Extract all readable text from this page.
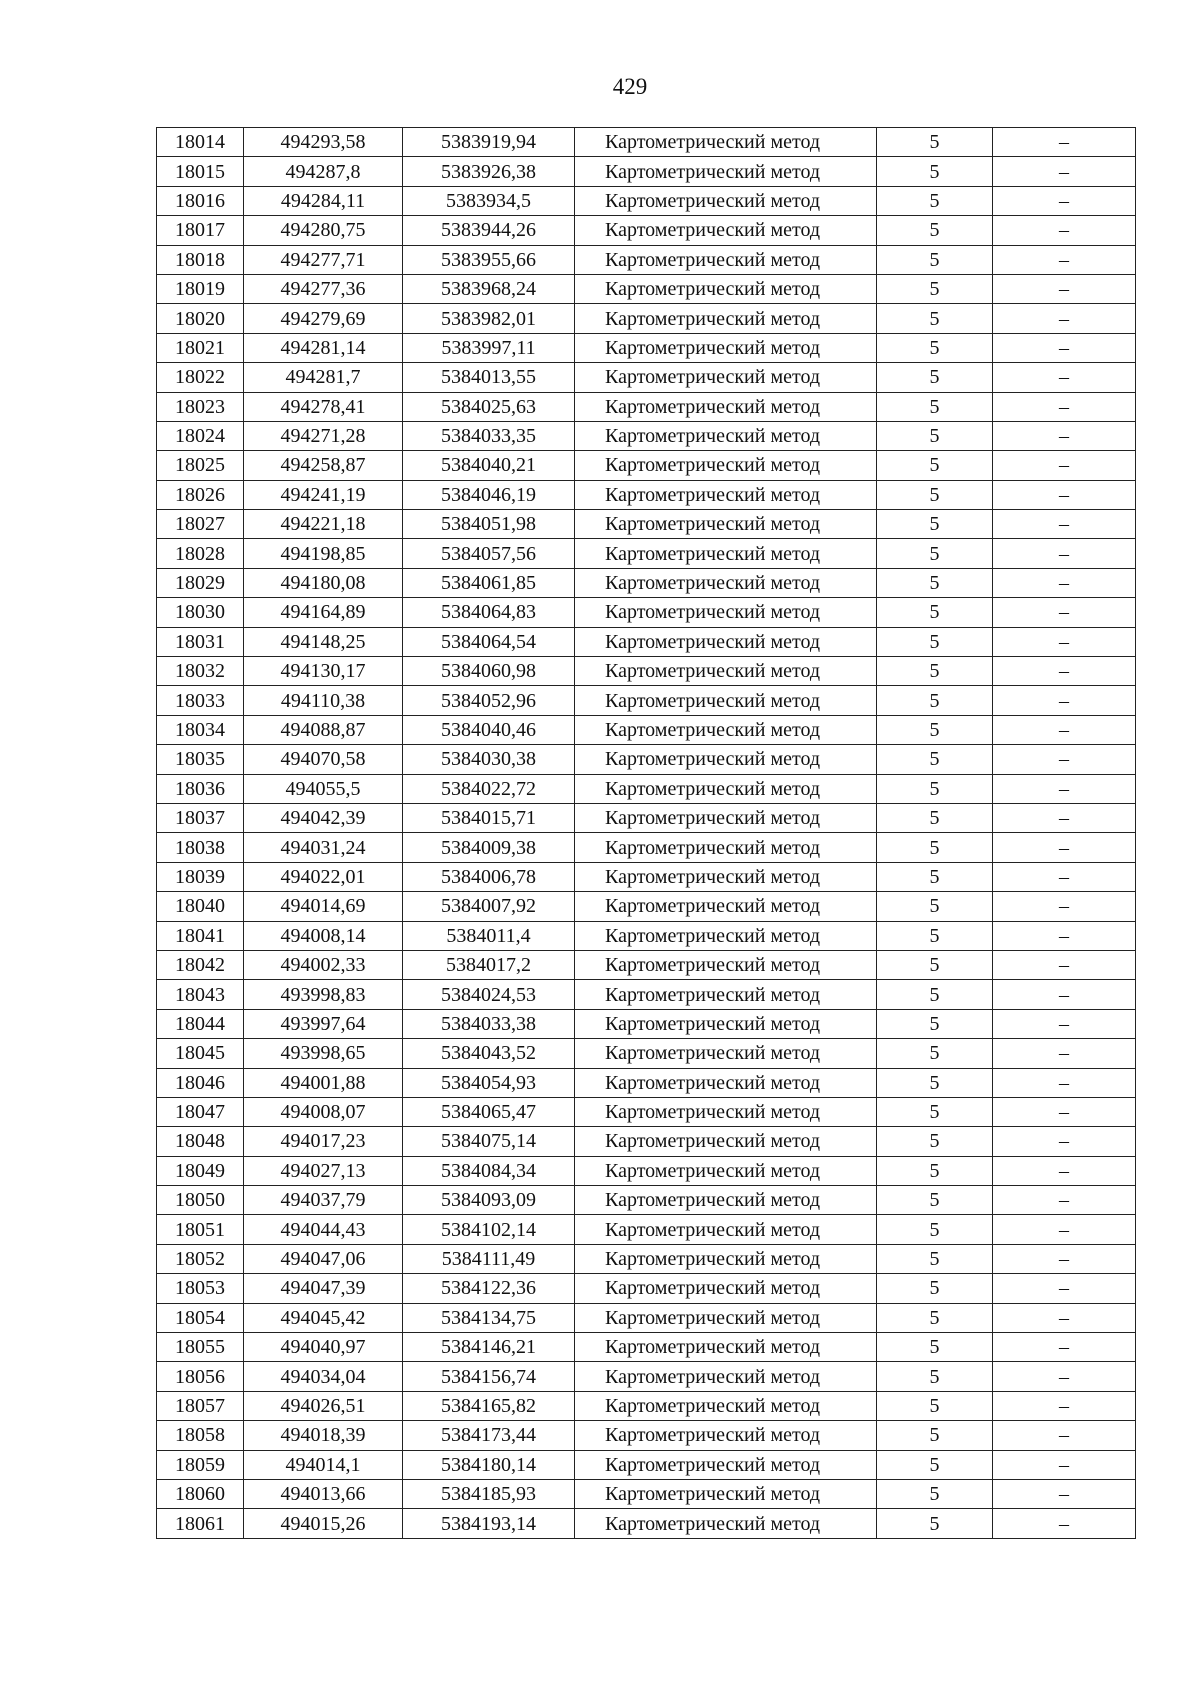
429
18014	494293,58	5383919,94	Картометрический метод	5	–
18015	494287,8	5383926,38	Картометрический метод	5	–
18016	494284,11	5383934,5	Картометрический метод	5	–
18017	494280,75	5383944,26	Картометрический метод	5	–
18018	494277,71	5383955,66	Картометрический метод	5	–
18019	494277,36	5383968,24	Картометрический метод	5	–
18020	494279,69	5383982,01	Картометрический метод	5	–
18021	494281,14	5383997,11	Картометрический метод	5	–
18022	494281,7	5384013,55	Картометрический метод	5	–
18023	494278,41	5384025,63	Картометрический метод	5	–
18024	494271,28	5384033,35	Картометрический метод	5	–
18025	494258,87	5384040,21	Картометрический метод	5	–
18026	494241,19	5384046,19	Картометрический метод	5	–
18027	494221,18	5384051,98	Картометрический метод	5	–
18028	494198,85	5384057,56	Картометрический метод	5	–
18029	494180,08	5384061,85	Картометрический метод	5	–
18030	494164,89	5384064,83	Картометрический метод	5	–
18031	494148,25	5384064,54	Картометрический метод	5	–
18032	494130,17	5384060,98	Картометрический метод	5	–
18033	494110,38	5384052,96	Картометрический метод	5	–
18034	494088,87	5384040,46	Картометрический метод	5	–
18035	494070,58	5384030,38	Картометрический метод	5	–
18036	494055,5	5384022,72	Картометрический метод	5	–
18037	494042,39	5384015,71	Картометрический метод	5	–
18038	494031,24	5384009,38	Картометрический метод	5	–
18039	494022,01	5384006,78	Картометрический метод	5	–
18040	494014,69	5384007,92	Картометрический метод	5	–
18041	494008,14	5384011,4	Картометрический метод	5	–
18042	494002,33	5384017,2	Картометрический метод	5	–
18043	493998,83	5384024,53	Картометрический метод	5	–
18044	493997,64	5384033,38	Картометрический метод	5	–
18045	493998,65	5384043,52	Картометрический метод	5	–
18046	494001,88	5384054,93	Картометрический метод	5	–
18047	494008,07	5384065,47	Картометрический метод	5	–
18048	494017,23	5384075,14	Картометрический метод	5	–
18049	494027,13	5384084,34	Картометрический метод	5	–
18050	494037,79	5384093,09	Картометрический метод	5	–
18051	494044,43	5384102,14	Картометрический метод	5	–
18052	494047,06	5384111,49	Картометрический метод	5	–
18053	494047,39	5384122,36	Картометрический метод	5	–
18054	494045,42	5384134,75	Картометрический метод	5	–
18055	494040,97	5384146,21	Картометрический метод	5	–
18056	494034,04	5384156,74	Картометрический метод	5	–
18057	494026,51	5384165,82	Картометрический метод	5	–
18058	494018,39	5384173,44	Картометрический метод	5	–
18059	494014,1	5384180,14	Картометрический метод	5	–
18060	494013,66	5384185,93	Картометрический метод	5	–
18061	494015,26	5384193,14	Картометрический метод	5	–
